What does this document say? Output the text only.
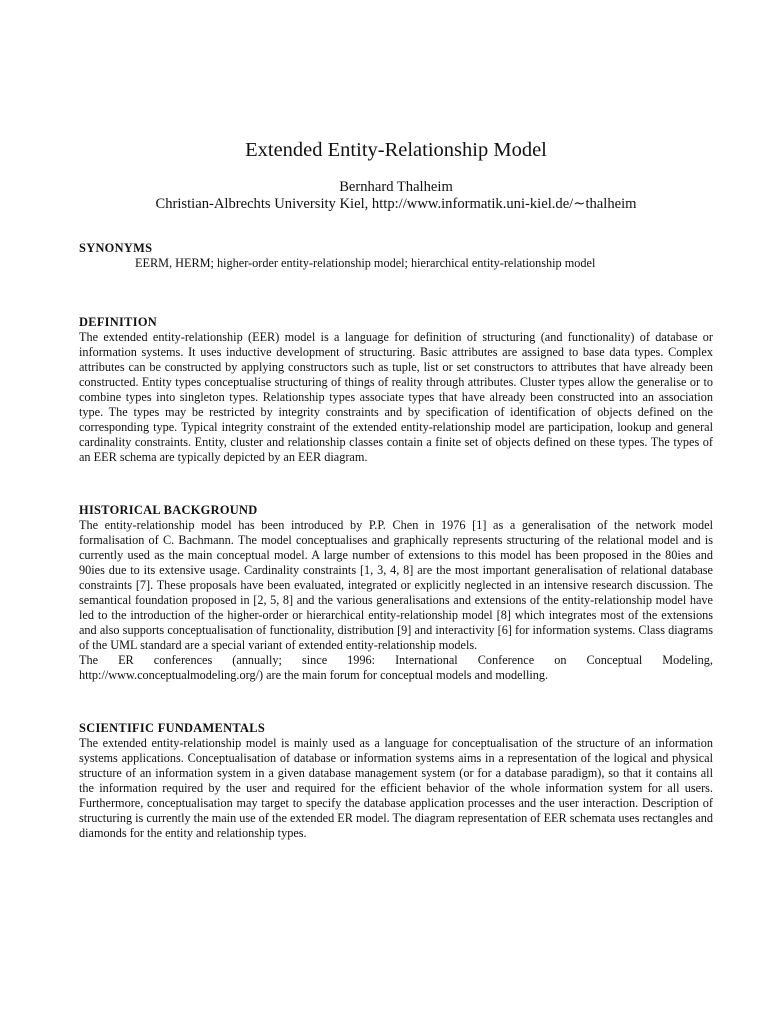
Extended Entity-Relationship Model
Bernhard Thalheim
Christian-Albrechts University Kiel, http://www.informatik.uni-kiel.de/∼thalheim
SYNONYMS

EERM, HERM; higher-order entity-relationship model; hierarchical entity-relationship model

DEFINITION

The extended entity-relationship (EER) model is a language for definition of structuring (and functionality) of database or information systems. It uses inductive development of structuring. Basic attributes are assigned to base data types. Complex attributes can be constructed by applying constructors such as tuple, list or set constructors to attributes that have already been constructed. Entity types conceptualise structuring of things of reality through attributes. Cluster types allow the generalise or to combine types into singleton types. Relationship types associate types that have already been constructed into an association type. The types may be restricted by integrity constraints and by specification of identification of objects defined on the corresponding type. Typical integrity constraint of the extended entity-relationship model are participation, lookup and general cardinality constraints. Entity, cluster and relationship classes contain a finite set of objects defined on these types. The types of an EER schema are typically depicted by an EER diagram.

HISTORICAL BACKGROUND

The entity-relationship model has been introduced by P.P. Chen in 1976 [1] as a generalisation of the network model formalisation of C. Bachmann. The model conceptualises and graphically represents structuring of the relational model and is currently used as the main conceptual model. A large number of extensions to this model has been proposed in the 80ies and 90ies due to its extensive usage. Cardinality constraints [1, 3, 4, 8] are the most important generalisation of relational database constraints [7]. These proposals have been evaluated, integrated or explicitly neglected in an intensive research discussion. The semantical foundation proposed in [2, 5, 8] and the various generalisations and extensions of the entity-relationship model have led to the introduction of the higher-order or hierarchical entity-relationship model [8] which integrates most of the extensions and also supports conceptualisation of functionality, distribution [9] and interactivity [6] for information systems. Class diagrams of the UML standard are a special variant of extended entity-relationship models.

The ER conferences (annually; since 1996: International Conference on Conceptual Modeling, http://www.conceptualmodeling.org/) are the main forum for conceptual models and modelling.

SCIENTIFIC FUNDAMENTALS

The extended entity-relationship model is mainly used as a language for conceptualisation of the structure of an information systems applications. Conceptualisation of database or information systems aims in a representation of the logical and physical structure of an information system in a given database management system (or for a database paradigm), so that it contains all the information required by the user and required for the efficient behavior of the whole information system for all users. Furthermore, conceptualisation may target to specify the database application processes and the user interaction. Description of structuring is currently the main use of the extended ER model. The diagram representation of EER schemata uses rectangles and diamonds for the entity and relationship types.
